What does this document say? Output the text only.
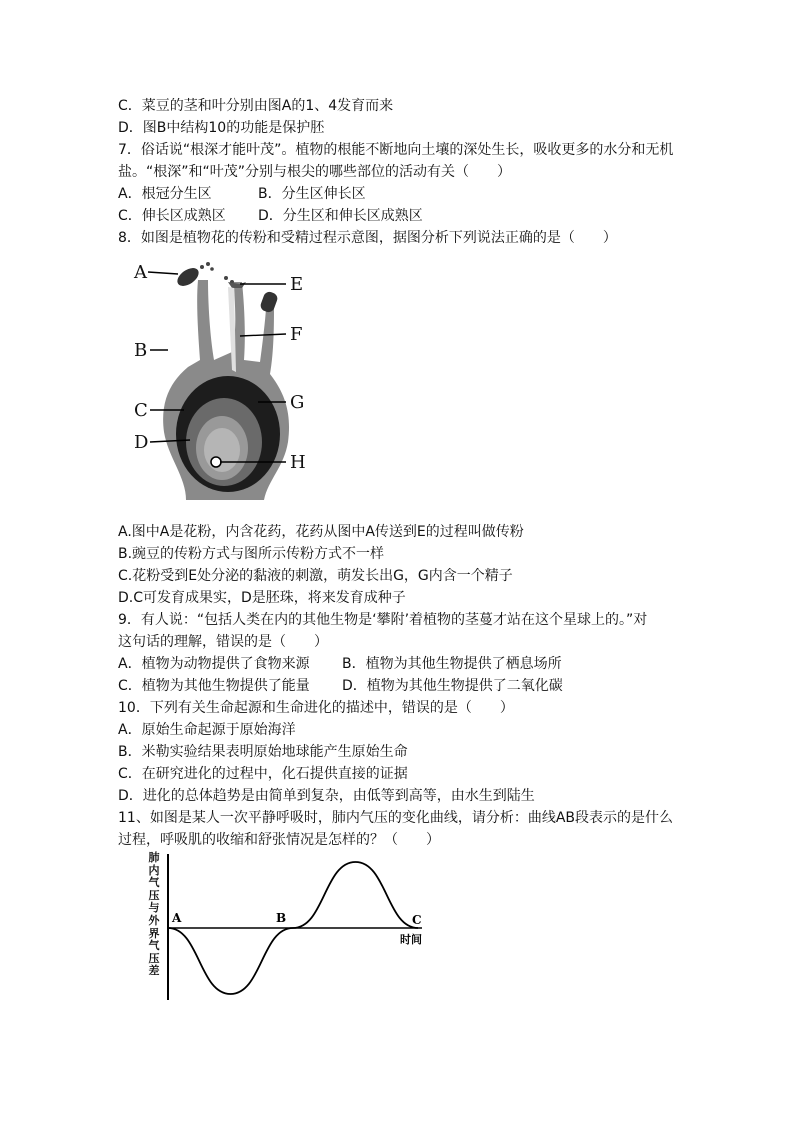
C．菜豆的茎和叶分别由图A的1、4发育而来
D．图B中结构10的功能是保护胚
7．俗话说“根深才能叶茂”。植物的根能不断地向土壤的深处生长，吸收更多的水分和无机
盐。“根深”和“叶茂”分别与根尖的哪些部位的活动有关（　　）
A．根冠分生区	B．分生区伸长区
C．伸长区成熟区 D．分生区和伸长区成熟区
8．如图是植物花的传粉和受精过程示意图，据图分析下列说法正确的是（　　）
A
E
F
B
C	G
D
H
A.图中A是花粉，内含花药，花药从图中A传送到E的过程叫做传粉
B.豌豆的传粉方式与图所示传粉方式不一样
C.花粉受到E处分泌的黏液的刺激，萌发长出G，G内含一个精子
D.C可发育成果实，D是胚珠，将来发育成种子
9．有人说：“包括人类在内的其他生物是‘攀附’着植物的茎蔓才站在这个星球上的。”对
这句话的理解，错误的是（　　）
A．植物为动物提供了食物来源 B．植物为其他生物提供了栖息场所
C．植物为其他生物提供了能量 D．植物为其他生物提供了二氧化碳
10．下列有关生命起源和生命进化的描述中，错误的是（　　）
A．原始生命起源于原始海洋
B．米勒实验结果表明原始地球能产生原始生命
C．在研究进化的过程中，化石提供直接的证据
D．进化的总体趋势是由简单到复杂，由低等到高等，由水生到陆生
11、如图是某人一次平静呼吸时，肺内气压的变化曲线，请分析：曲线AB段表示的是什么
过程，呼吸肌的收缩和舒张情况是怎样的？（　　）
肺内气压与外界气压差
A	B	C
时间
